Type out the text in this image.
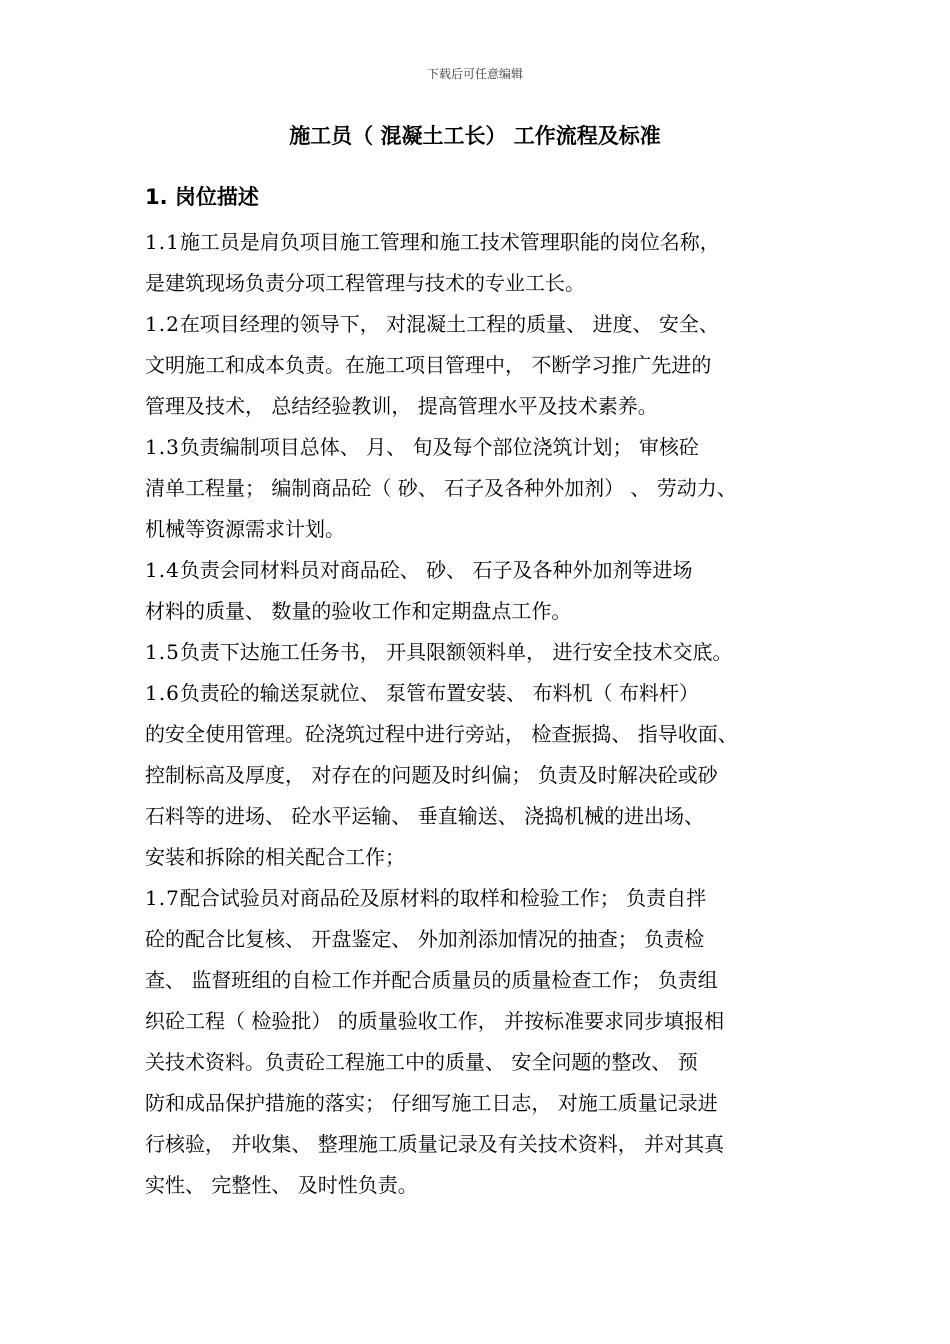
下载后可任意编辑
施工员（ 混凝土工长） 工作流程及标准
1. 岗位描述
1.1施工员是肩负项目施工管理和施工技术管理职能的岗位名称，
是建筑现场负责分项工程管理与技术的专业工长。
1.2在项目经理的领导下， 对混凝土工程的质量、 进度、 安全、
文明施工和成本负责。在施工项目管理中， 不断学习推广先进的
管理及技术， 总结经验教训， 提高管理水平及技术素养。
1.3负责编制项目总体、 月、 旬及每个部位浇筑计划； 审核砼
清单工程量； 编制商品砼（ 砂、 石子及各种外加剂） 、 劳动力、
机械等资源需求计划。
1.4负责会同材料员对商品砼、 砂、 石子及各种外加剂等进场
材料的质量、 数量的验收工作和定期盘点工作。
1.5负责下达施工任务书， 开具限额领料单， 进行安全技术交底。
1.6负责砼的输送泵就位、 泵管布置安装、 布料机（ 布料杆）
的安全使用管理。砼浇筑过程中进行旁站， 检查振捣、 指导收面、
控制标高及厚度， 对存在的问题及时纠偏； 负责及时解决砼或砂
石料等的进场、 砼水平运输、 垂直输送、 浇捣机械的进出场、
安装和拆除的相关配合工作；
1.7配合试验员对商品砼及原材料的取样和检验工作； 负责自拌
砼的配合比复核、 开盘鉴定、 外加剂添加情况的抽查； 负责检
查、 监督班组的自检工作并配合质量员的质量检查工作； 负责组
织砼工程（ 检验批） 的质量验收工作， 并按标准要求同步填报相
关技术资料。负责砼工程施工中的质量、 安全问题的整改、 预
防和成品保护措施的落实； 仔细写施工日志， 对施工质量记录进
行核验， 并收集、 整理施工质量记录及有关技术资料， 并对其真
实性、 完整性、 及时性负责。
